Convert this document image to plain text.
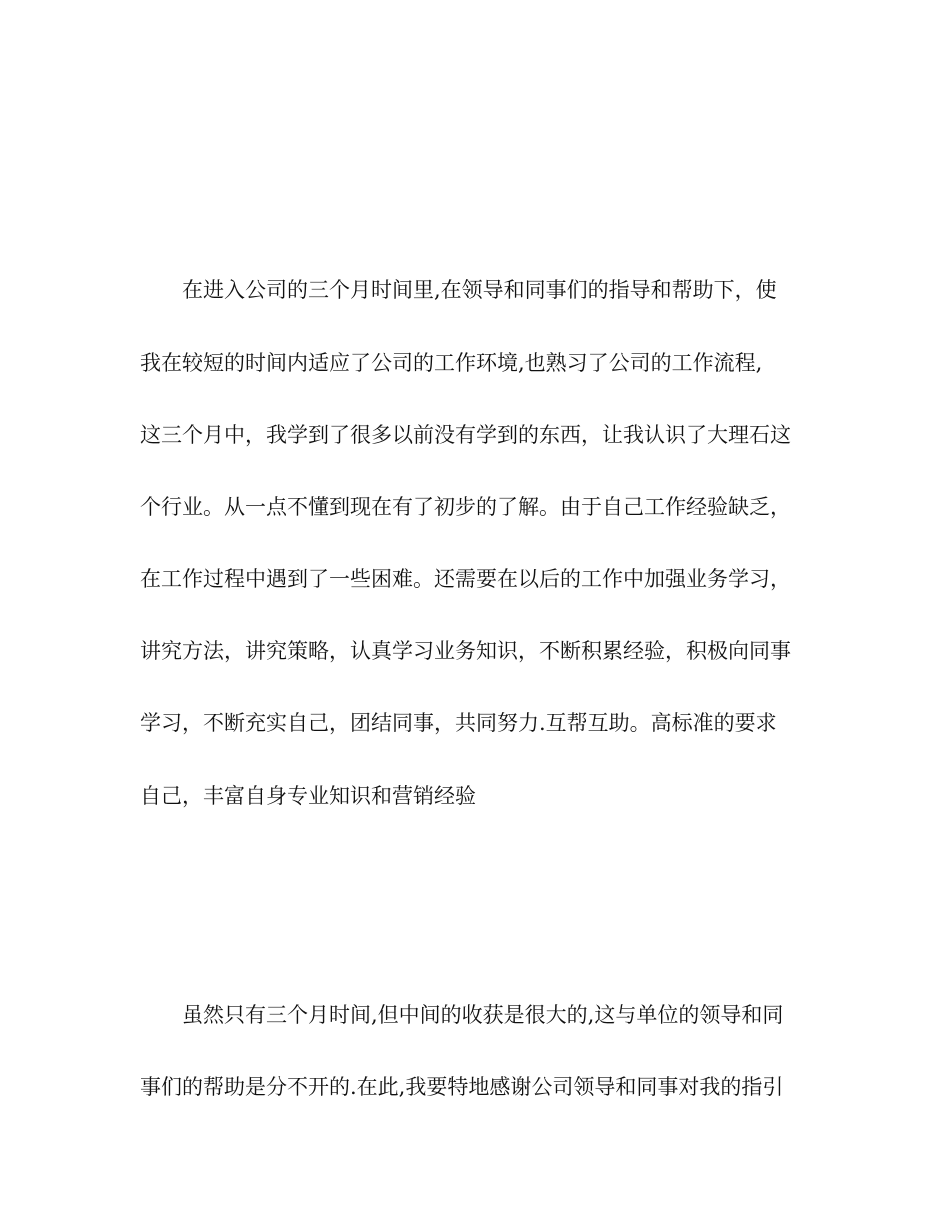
在进入公司的三个月时间里,在领导和同事们的指导和帮助下，使
我在较短的时间内适应了公司的工作环境,也熟习了公司的工作流程,
这三个月中，我学到了很多以前没有学到的东西，让我认识了大理石这
个行业。从一点不懂到现在有了初步的了解。由于自己工作经验缺乏，
在工作过程中遇到了一些困难。还需要在以后的工作中加强业务学习，
讲究方法，讲究策略，认真学习业务知识，不断积累经验，积极向同事
学习，不断充实自己，团结同事，共同努力.互帮互助。高标准的要求
自己，丰富自身专业知识和营销经验
虽然只有三个月时间,但中间的收获是很大的,这与单位的领导和同
事们的帮助是分不开的.在此,我要特地感谢公司领导和同事对我的指引
